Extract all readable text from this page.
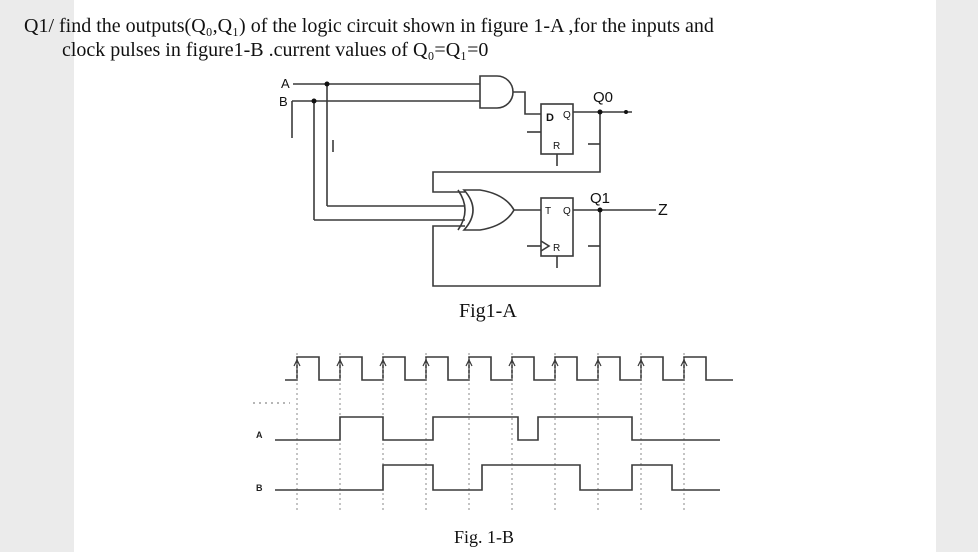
Q1/ find the outputs(Q₀,Q₁) of the logic circuit shown in figure 1-A ,for the inputs and
clock pulses in figure1-B .current values of Q₀=Q₁=0

A
B
D Q
R
T Q
R
Q0
Q1
Z
Fig1-A
A
B
Fig. 1-B
